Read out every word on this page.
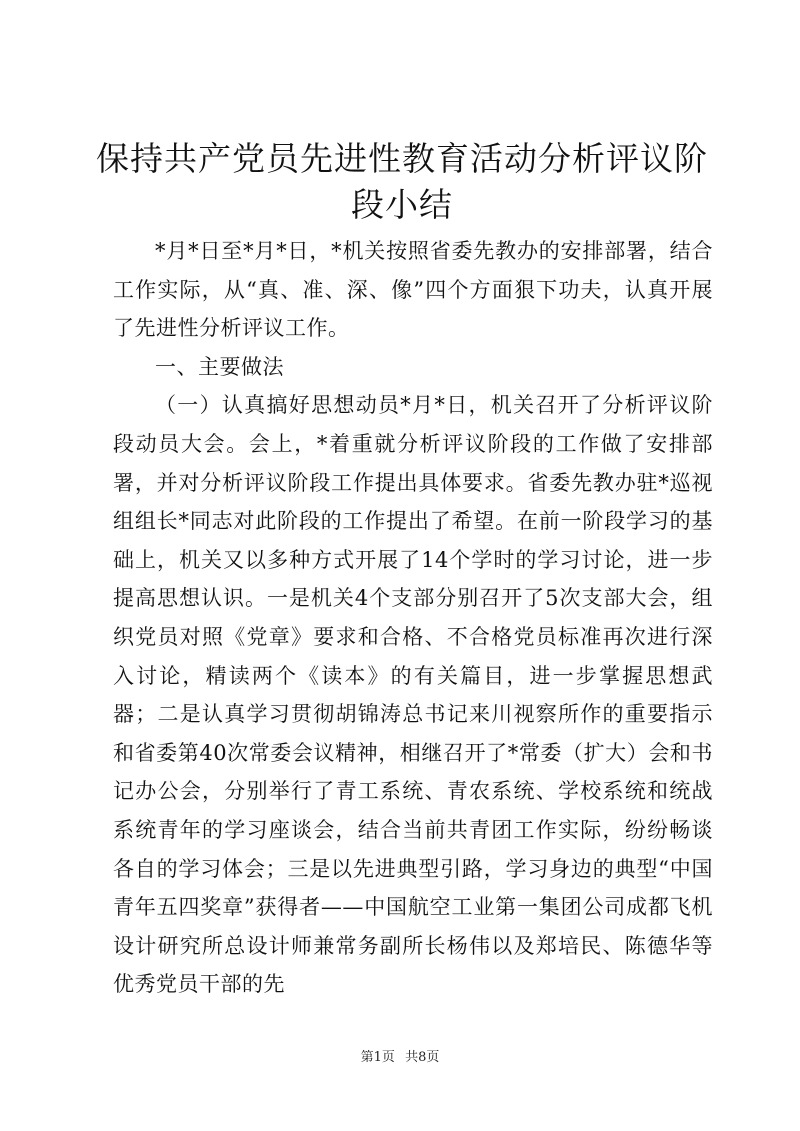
保持共产党员先进性教育活动分析评议阶段小结

*月*日至*月*日，*机关按照省委先教办的安排部署，结合工作实际，从“真、准、深、像”四个方面狠下功夫，认真开展了先进性分析评议工作。

一、主要做法

（一）认真搞好思想动员*月*日，机关召开了分析评议阶段动员大会。会上，*着重就分析评议阶段的工作做了安排部署，并对分析评议阶段工作提出具体要求。省委先教办驻*巡视组组长*同志对此阶段的工作提出了希望。在前一阶段学习的基础上，机关又以多种方式开展了14个学时的学习讨论，进一步提高思想认识。一是机关4个支部分别召开了5次支部大会，组织党员对照《党章》要求和合格、不合格党员标准再次进行深入讨论，精读两个《读本》的有关篇目，进一步掌握思想武器；二是认真学习贯彻胡锦涛总书记来川视察所作的重要指示和省委第40次常委会议精神，相继召开了*常委（扩大）会和书记办公会，分别举行了青工系统、青农系统、学校系统和统战系统青年的学习座谈会，结合当前共青团工作实际，纷纷畅谈各自的学习体会；三是以先进典型引路，学习身边的典型“中国青年五四奖章”获得者——中国航空工业第一集团公司成都飞机设计研究所总设计师兼常务副所长杨伟以及郑培民、陈德华等优秀党员干部的先

第1页 共8页
